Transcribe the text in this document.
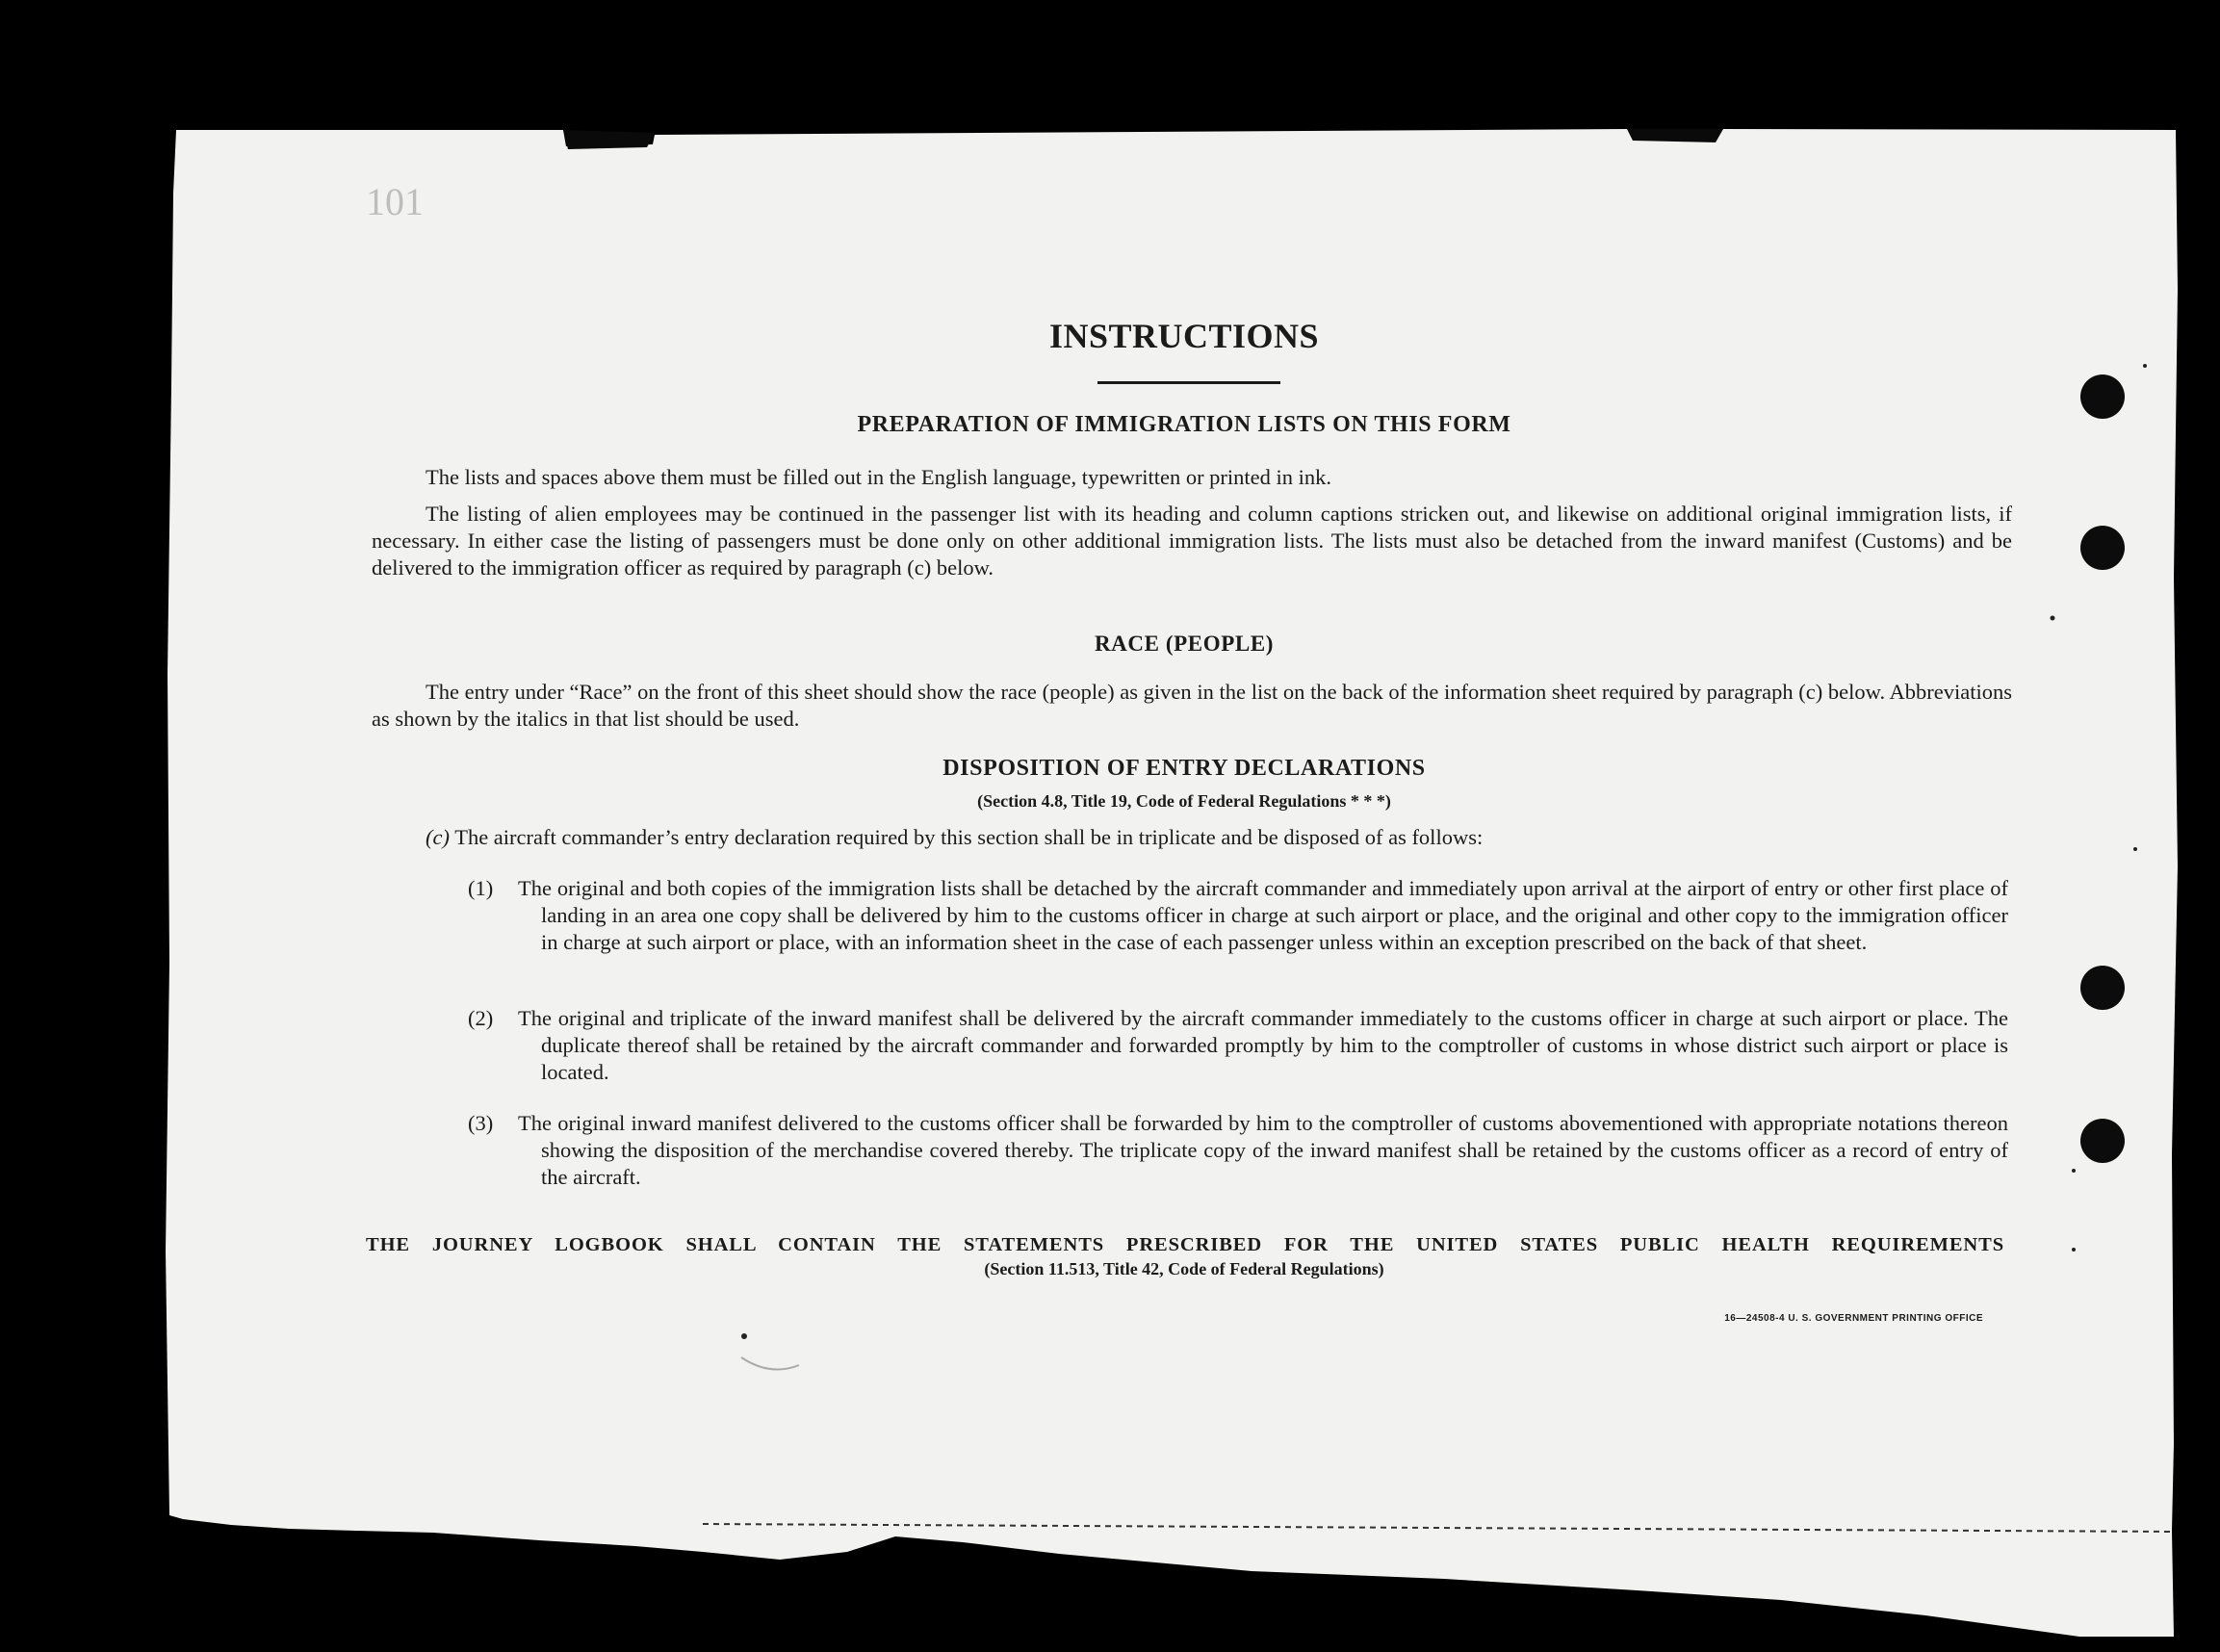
101
INSTRUCTIONS
PREPARATION OF IMMIGRATION LISTS ON THIS FORM
The lists and spaces above them must be filled out in the English language, typewritten or printed in ink.
The listing of alien employees may be continued in the passenger list with its heading and column captions stricken out, and likewise on additional original immigration lists, if necessary. In either case the listing of passengers must be done only on other additional immigration lists. The lists must also be detached from the inward manifest (Customs) and be delivered to the immigration officer as required by paragraph (c) below.
RACE (PEOPLE)
The entry under “Race” on the front of this sheet should show the race (people) as given in the list on the back of the information sheet required by paragraph (c) below. Abbreviations as shown by the italics in that list should be used.
DISPOSITION OF ENTRY DECLARATIONS
(Section 4.8, Title 19, Code of Federal Regulations * * *)
(c) The aircraft commander’s entry declaration required by this section shall be in triplicate and be disposed of as follows:
(1) The original and both copies of the immigration lists shall be detached by the aircraft commander and immediately upon arrival at the airport of entry or other first place of landing in an area one copy shall be delivered by him to the customs officer in charge at such airport or place, and the original and other copy to the immigration officer in charge at such airport or place, with an information sheet in the case of each passenger unless within an exception prescribed on the back of that sheet.
(2) The original and triplicate of the inward manifest shall be delivered by the aircraft commander immediately to the customs officer in charge at such airport or place. The duplicate thereof shall be retained by the aircraft commander and forwarded promptly by him to the comptroller of customs in whose district such airport or place is located.
(3) The original inward manifest delivered to the customs officer shall be forwarded by him to the comptroller of customs abovementioned with appropriate notations thereon showing the disposition of the merchandise covered thereby. The triplicate copy of the inward manifest shall be retained by the customs officer as a record of entry of the aircraft.
THE JOURNEY LOGBOOK SHALL CONTAIN THE STATEMENTS PRESCRIBED FOR THE UNITED STATES PUBLIC HEALTH REQUIREMENTS
(Section 11.513, Title 42, Code of Federal Regulations)
16—24508-4 U. S. GOVERNMENT PRINTING OFFICE
